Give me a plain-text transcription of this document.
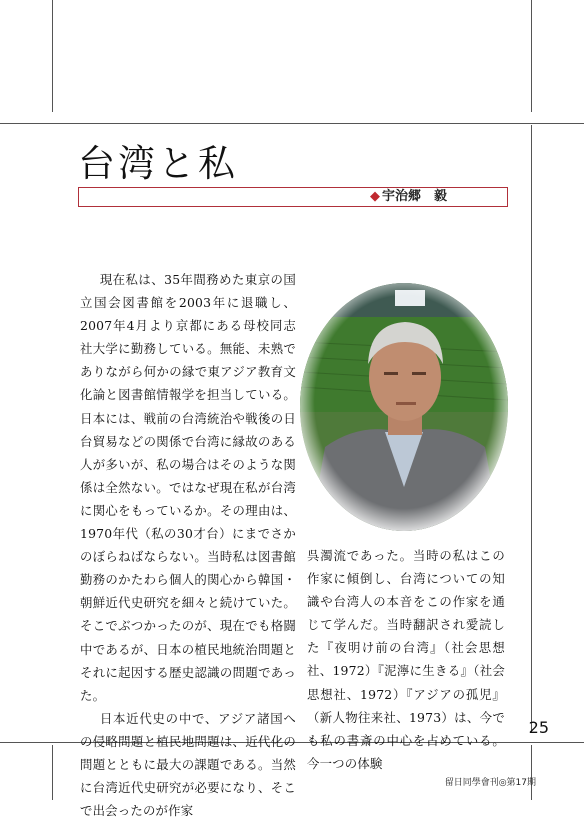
台湾と私
◆ 宇治郷　毅

現在私は、35年間務めた東京の国立国会図書館を2003年に退職し、2007年4月より京都にある母校同志社大学に勤務している。無能、未熟でありながら何かの縁で東アジア教育文化論と図書館情報学を担当している。日本には、戦前の台湾統治や戦後の日台貿易などの関係で台湾に縁故のある人が多いが、私の場合はそのような関係は全然ない。ではなぜ現在私が台湾に関心をもっているか。その理由は、1970年代（私の30才台）にまでさかのぼらねばならない。当時私は図書館勤務のかたわら個人的関心から韓国・朝鮮近代史研究を細々と続けていた。そこでぶつかったのが、現在でも格闘中であるが、日本の植民地統治問題とそれに起因する歴史認識の問題であった。

日本近代史の中で、アジア諸国への侵略問題と植民地問題は、近代化の問題とともに最大の課題である。当然に台湾近代史研究が必要になり、そこで出会ったのが作家

呉濁流であった。当時の私はこの作家に傾倒し、台湾についての知識や台湾人の本音をこの作家を通じて学んだ。当時翻訳され愛読した『夜明け前の台湾』（社会思想社、1972）『泥濘に生きる』（社会思想社、1972）『アジアの孤児』（新人物往来社、1973）は、今でも私の書斎の中心を占めている。今一つの体験

25
留日同學會刊◎第17期
